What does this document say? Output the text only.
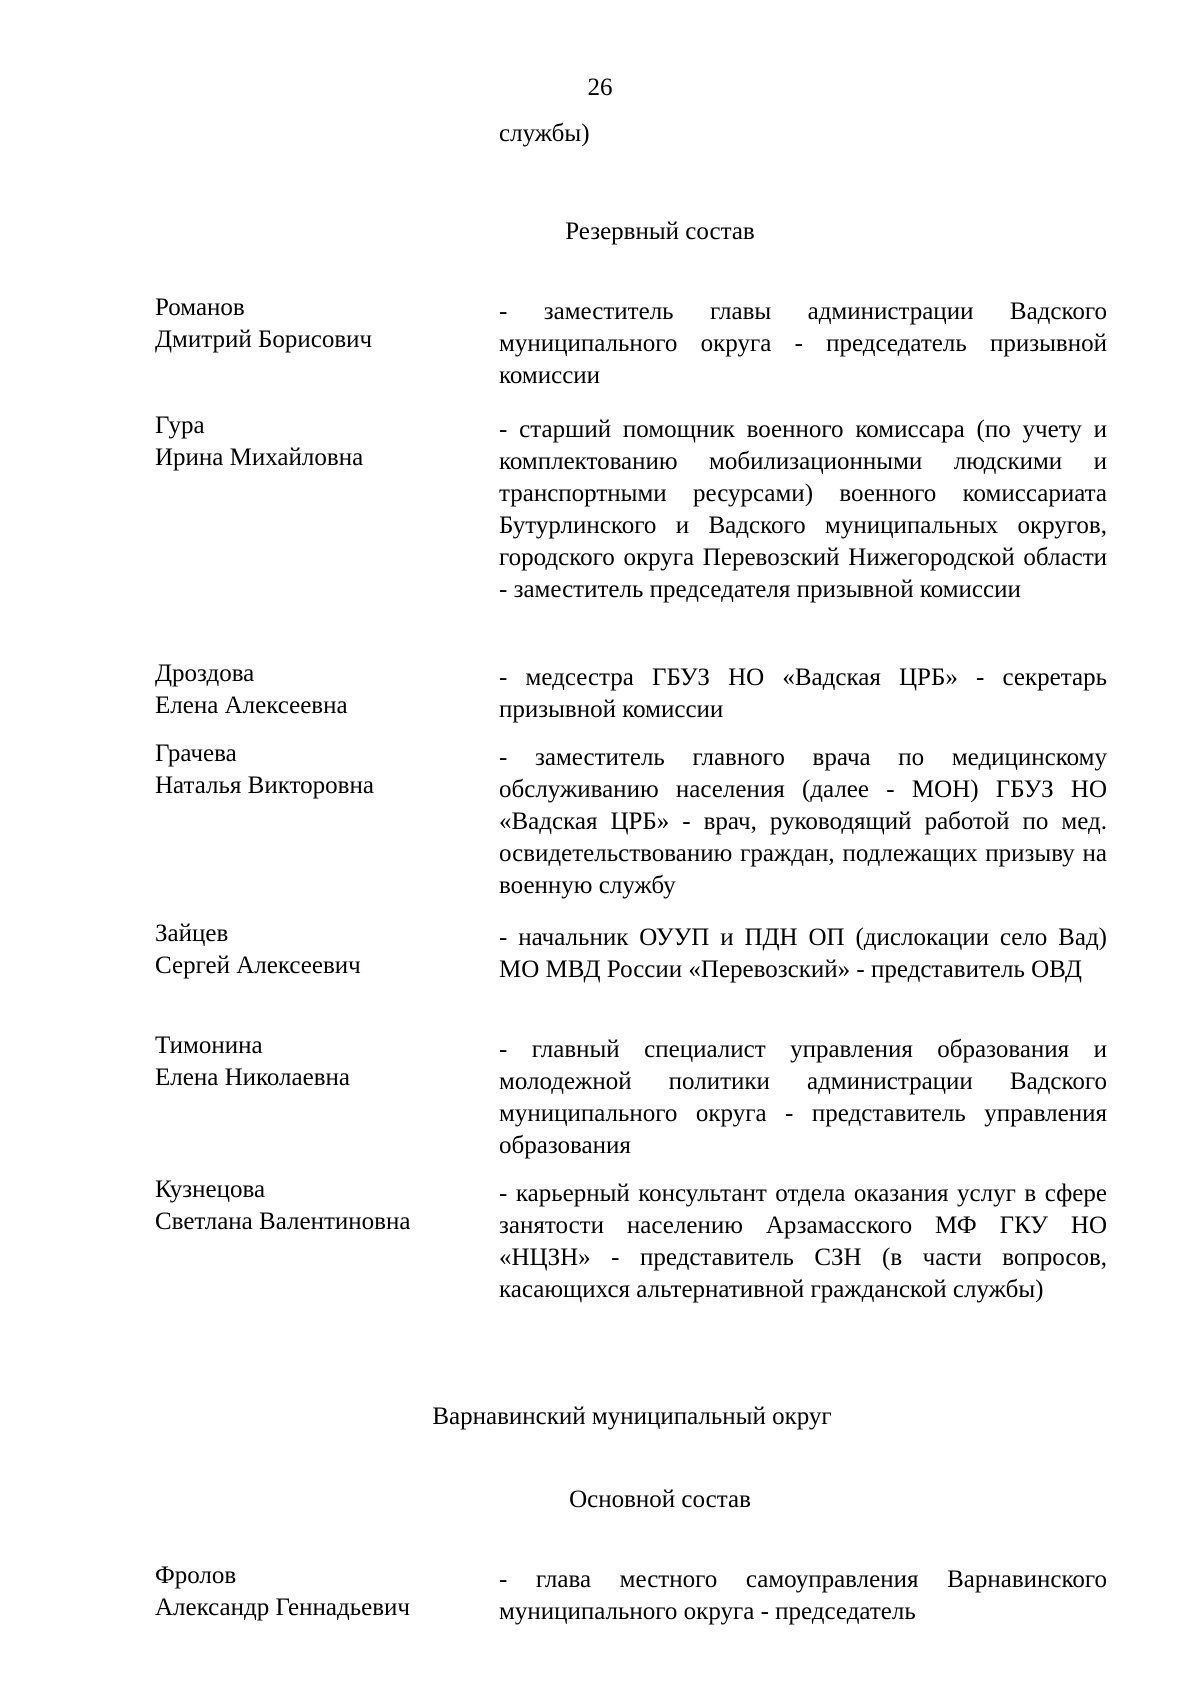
26
службы)
Резервный состав
Романов
Дмитрий Борисович
- заместитель главы администрации Вадского муниципального округа - председатель призывной комиссии
Гура
Ирина Михайловна
- старший помощник военного комиссара (по учету и комплектованию мобилизационными людскими и транспортными ресурсами) военного комиссариата Бутурлинского и Вадского муниципальных округов, городского округа Перевозский Нижегородской области - заместитель председателя призывной комиссии
Дроздова
Елена Алексеевна
- медсестра ГБУЗ НО «Вадская ЦРБ» - секретарь призывной комиссии
Грачева
Наталья Викторовна
- заместитель главного врача по медицинскому обслуживанию населения (далее - МОН) ГБУЗ НО «Вадская ЦРБ» - врач, руководящий работой по мед. освидетельствованию граждан, подлежащих призыву на военную службу
Зайцев
Сергей Алексеевич
- начальник ОУУП и ПДН ОП (дислокации село Вад) МО МВД России «Перевозский» - представитель ОВД
Тимонина
Елена Николаевна
- главный специалист управления образования и молодежной политики администрации Вадского муниципального округа - представитель управления образования
Кузнецова
Светлана Валентиновна
- карьерный консультант отдела оказания услуг в сфере занятости населению Арзамасского МФ ГКУ НО «НЦЗН» - представитель СЗН (в части вопросов, касающихся альтернативной гражданской службы)
Варнавинский муниципальный округ
Основной состав
Фролов
Александр Геннадьевич
- глава местного самоуправления Варнавинского муниципального округа - председатель
